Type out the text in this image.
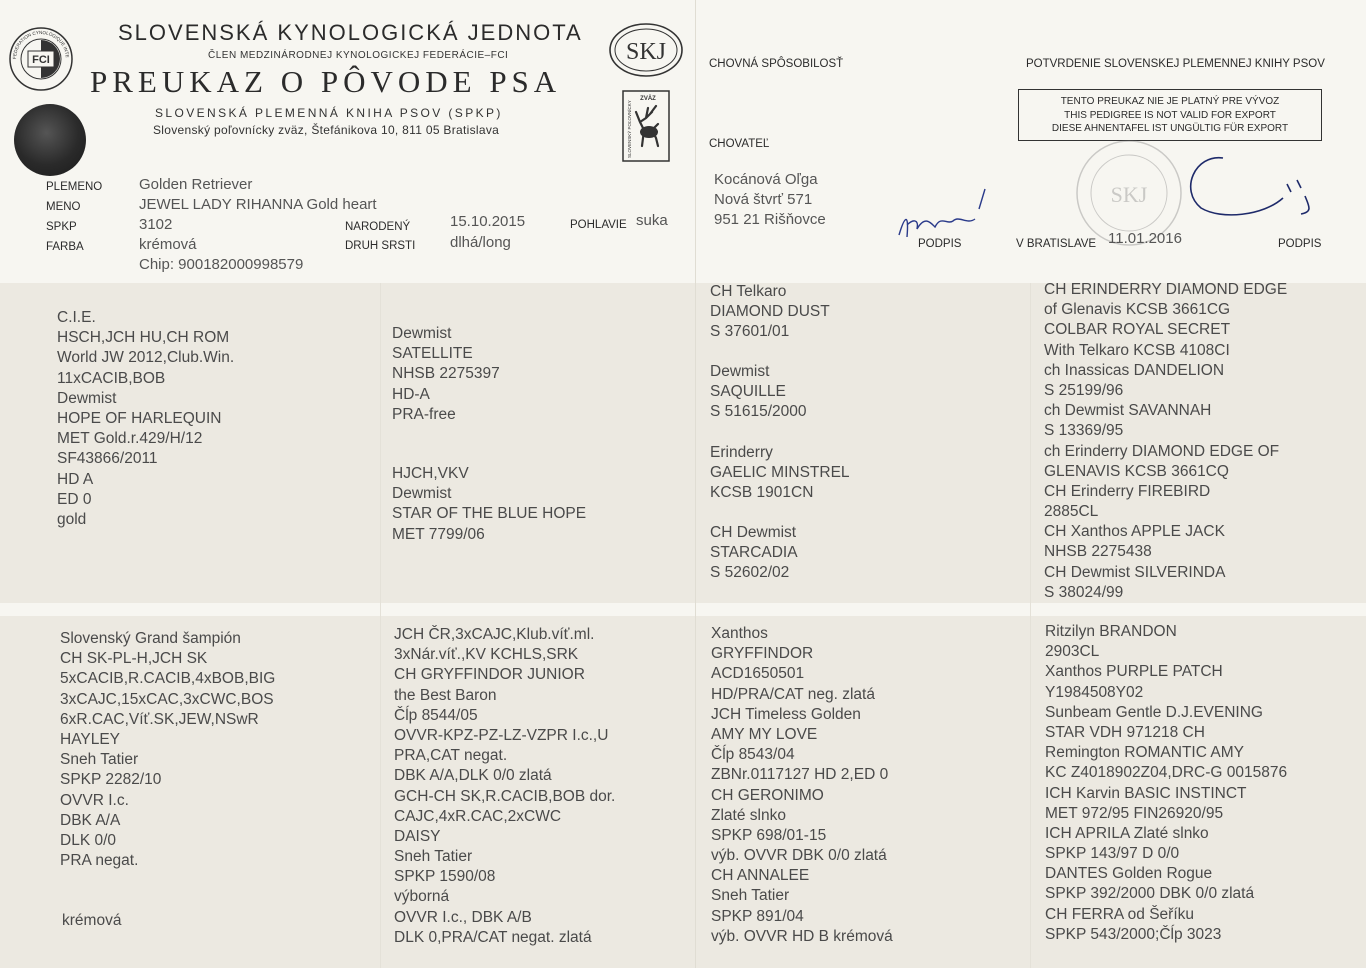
FEDERATION CYNOLOGIQUE INTE
FCI
SLOVENSKÁ KYNOLOGICKÁ JEDNOTA
ČLEN MEDZINÁRODNEJ KYNOLOGICKEJ FEDERÁCIE–FCI
PREUKAZ O PÔVODE PSA
SLOVENSKÁ PLEMENNÁ KNIHA PSOV (SPKP)
Slovenský poľovnícky zväz, Štefánikova 10, 811 05 Bratislava
SKJ
ZVÄZ
SLOVENSKÝ POĽOVNÍCKY
PLEMENO
MENO
SPKP
FARBA
Golden Retriever
JEWEL LADY RIHANNA Gold heart
3102
krémová
Chip: 900182000998579
NARODENÝ
DRUH SRSTI
15.10.2015
dlhá/long
POHLAVIE suka
CHOVNÁ SPÔSOBILOSŤ
CHOVATEĽ
Kocánová Oľga
Nová štvrť 571
951 21 Rišňovce
PODPIS
POTVRDENIE SLOVENSKEJ PLEMENNEJ KNIHY PSOV
TENTO PREUKAZ NIE JE PLATNÝ PRE VÝVOZ
THIS PEDIGREE IS NOT VALID FOR EXPORT
DIESE AHNENTAFEL IST UNGÜLTIG FÜR EXPORT
SKJ
V BRATISLAVE 11.01.2016	PODPIS
C.I.E.
HSCH,JCH HU,CH ROM
World JW 2012,Club.Win.
11xCACIB,BOB
Dewmist
HOPE OF HARLEQUIN
MET Gold.r.429/H/12
SF43866/2011
HD A
ED 0
gold
Dewmist
SATELLITE
NHSB 2275397
HD-A
PRA-free
HJCH,VKV
Dewmist
STAR OF THE BLUE HOPE
MET 7799/06
CH Telkaro
DIAMOND DUST
S 37601/01
Dewmist
SAQUILLE
S 51615/2000
Erinderry
GAELIC MINSTREL
KCSB 1901CN
CH Dewmist
STARCADIA
S 52602/02
CH ERINDERRY DIAMOND EDGE
of Glenavis KCSB 3661CG
COLBAR ROYAL SECRET
With Telkaro KCSB 4108CI
ch Inassicas DANDELION
S 25199/96
ch Dewmist SAVANNAH
S 13369/95
ch Erinderry DIAMOND EDGE OF
GLENAVIS KCSB 3661CQ
CH Erinderry FIREBIRD
2885CL
CH Xanthos APPLE JACK
NHSB 2275438
CH Dewmist SILVERINDA
S 38024/99
Slovenský Grand šampión
CH SK-PL-H,JCH SK
5xCACIB,R.CACIB,4xBOB,BIG
3xCAJC,15xCAC,3xCWC,BOS
6xR.CAC,Víť.SK,JEW,NSwR
HAYLEY
Sneh Tatier
SPKP 2282/10
OVVR I.c.
DBK A/A
DLK 0/0
PRA negat.
krémová
JCH ČR,3xCAJC,Klub.víť.ml.
3xNár.víť.,KV KCHLS,SRK
CH GRYFFINDOR JUNIOR
the Best Baron
Čĺp 8544/05
OVVR-KPZ-PZ-LZ-VZPR I.c.,U
PRA,CAT negat.
DBK A/A,DLK 0/0 zlatá
GCH-CH SK,R.CACIB,BOB dor.
CAJC,4xR.CAC,2xCWC
DAISY
Sneh Tatier
SPKP 1590/08
výborná
OVVR I.c., DBK A/B
DLK 0,PRA/CAT negat. zlatá
Xanthos
GRYFFINDOR
ACD1650501
HD/PRA/CAT neg. zlatá
JCH Timeless Golden
AMY MY LOVE
Čĺp 8543/04
ZBNr.0117127 HD 2,ED 0
CH GERONIMO
Zlaté slnko
SPKP 698/01-15
výb. OVVR DBK 0/0 zlatá
CH ANNALEE
Sneh Tatier
SPKP 891/04
výb. OVVR HD B krémová
Ritzilyn BRANDON
2903CL
Xanthos PURPLE PATCH
Y1984508Y02
Sunbeam Gentle D.J.EVENING
STAR VDH 971218 CH
Remington ROMANTIC AMY
KC Z4018902Z04,DRC-G 0015876
ICH Karvin BASIC INSTINCT
MET 972/95 FIN26920/95
ICH APRILA Zlaté slnko
SPKP 143/97 D 0/0
DANTES Golden Rogue
SPKP 392/2000 DBK 0/0 zlatá
CH FERRA od Šeříku
SPKP 543/2000;Čĺp 3023
